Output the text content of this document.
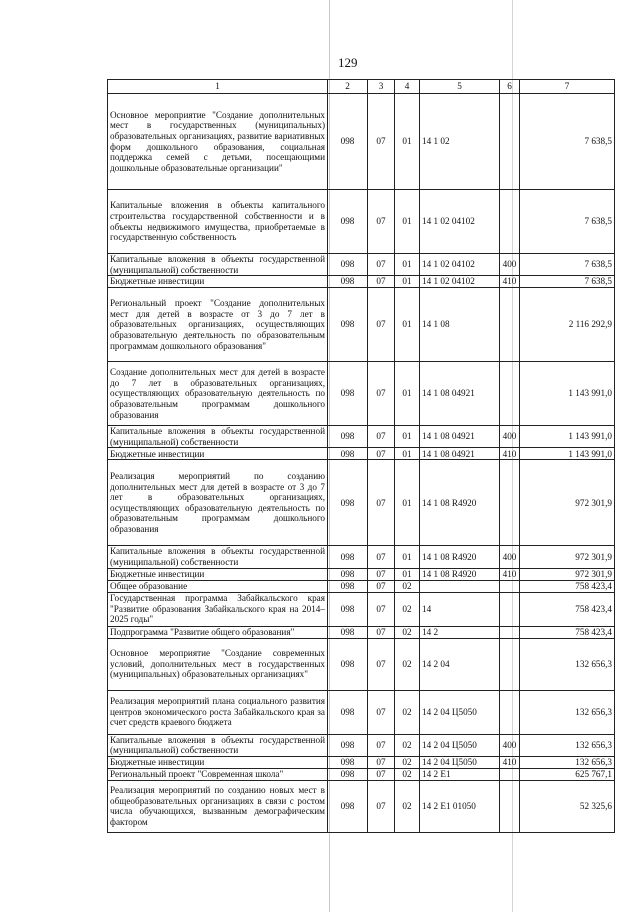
129
1	2	3	4	5	6	7
Основное мероприятие "Создание дополнительных мест в государственных (муниципальных) образовательных организациях, развитие вариативных форм дошкольного образования, социальная поддержка семей с детьми, посещающими дошкольные образовательные организации"	098	07	01	14 1 02		7 638,5
Капитальные вложения в объекты капитального строительства государственной собственности и в объекты недвижимого имущества, приобретаемые в государственную собственность	098	07	01	14 1 02 04102		7 638,5
Капитальные вложения в объекты государственной (муниципальной) собственности	098	07	01	14 1 02 04102	400	7 638,5
Бюджетные инвестиции	098	07	01	14 1 02 04102	410	7 638,5
Региональный проект "Создание дополнительных мест для детей в возрасте от 3 до 7 лет в образовательных организациях, осуществляющих образовательную деятельность по образовательным программам дошкольного образования"	098	07	01	14 1 08		2 116 292,9
Создание дополнительных мест для детей в возрасте до 7 лет в образовательных организациях, осуществляющих образовательную деятельность по образовательным программам дошкольного образования	098	07	01	14 1 08 04921		1 143 991,0
Капитальные вложения в объекты государственной (муниципальной) собственности	098	07	01	14 1 08 04921	400	1 143 991,0
Бюджетные инвестиции	098	07	01	14 1 08 04921	410	1 143 991,0
Реализация мероприятий по созданию дополнительных мест для детей в возрасте от 3 до 7 лет в образовательных организациях, осуществляющих образовательную деятельность по образовательным программам дошкольного образования	098	07	01	14 1 08 R4920		972 301,9
Капитальные вложения в объекты государственной (муниципальной) собственности	098	07	01	14 1 08 R4920	400	972 301,9
Бюджетные инвестиции	098	07	01	14 1 08 R4920	410	972 301,9
Общее образование	098	07	02			758 423,4
Государственная программа Забайкальского края "Развитие образования Забайкальского края на 2014–2025 годы"	098	07	02	14		758 423,4
Подпрограмма "Развитие общего образования"	098	07	02	14 2		758 423,4
Основное мероприятие "Создание современных условий, дополнительных мест в государственных (муниципальных) образовательных организациях"	098	07	02	14 2 04		132 656,3
Реализация мероприятий плана социального развития центров экономического роста Забайкальского края за счет средств краевого бюджета	098	07	02	14 2 04 Ц5050		132 656,3
Капитальные вложения в объекты государственной (муниципальной) собственности	098	07	02	14 2 04 Ц5050	400	132 656,3
Бюджетные инвестиции	098	07	02	14 2 04 Ц5050	410	132 656,3
Региональный проект "Современная школа"	098	07	02	14 2 E1		625 767,1
Реализация мероприятий по созданию новых мест в общеобразовательных организациях в связи с ростом числа обучающихся, вызванным демографическим фактором	098	07	02	14 2 E1 01050		52 325,6
